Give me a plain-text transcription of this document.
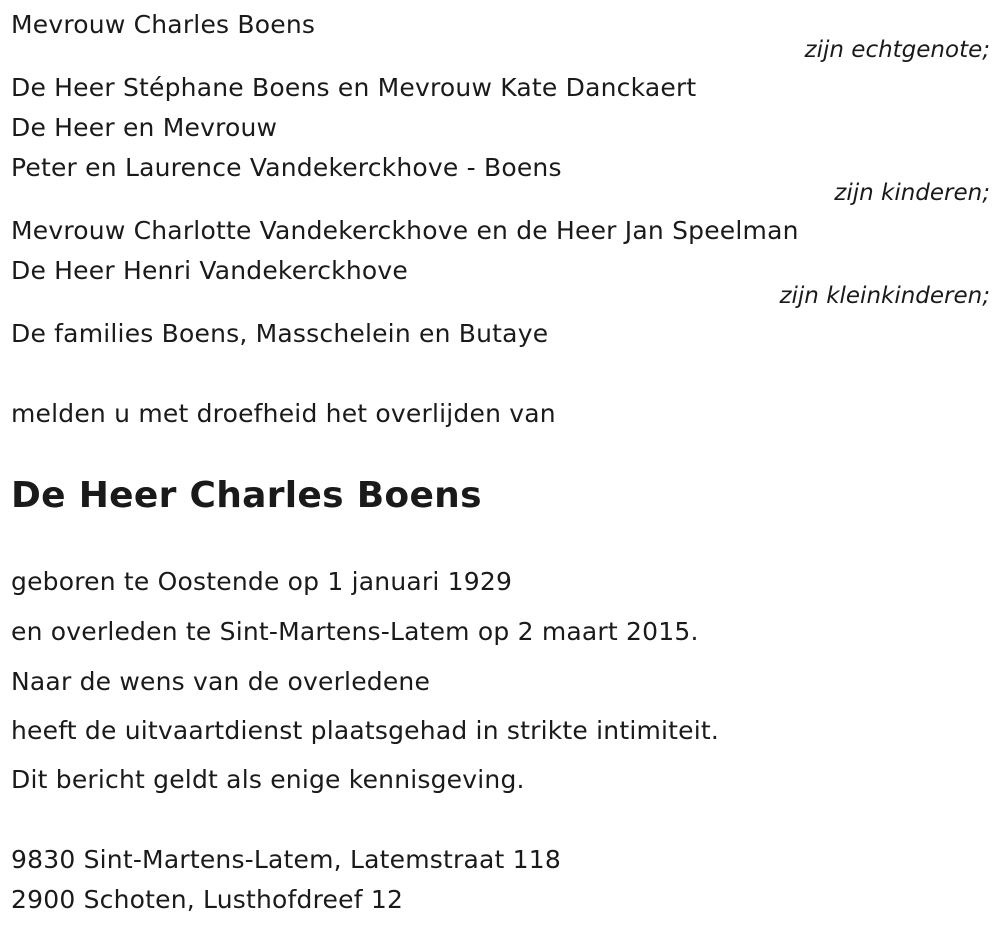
Mevrouw Charles Boens
zijn echtgenote;
De Heer Stéphane Boens en Mevrouw Kate Danckaert
De Heer en Mevrouw
Peter en Laurence Vandekerckhove - Boens
zijn kinderen;
Mevrouw Charlotte Vandekerckhove en de Heer Jan Speelman
De Heer Henri Vandekerckhove
zijn kleinkinderen;
De families Boens, Masschelein en Butaye
melden u met droefheid het overlijden van
De Heer Charles Boens
geboren te Oostende op 1 januari 1929
en overleden te Sint-Martens-Latem op 2 maart 2015.
Naar de wens van de overledene
heeft de uitvaartdienst plaatsgehad in strikte intimiteit.
Dit bericht geldt als enige kennisgeving.
9830 Sint-Martens-Latem, Latemstraat 118
2900 Schoten, Lusthofdreef 12
